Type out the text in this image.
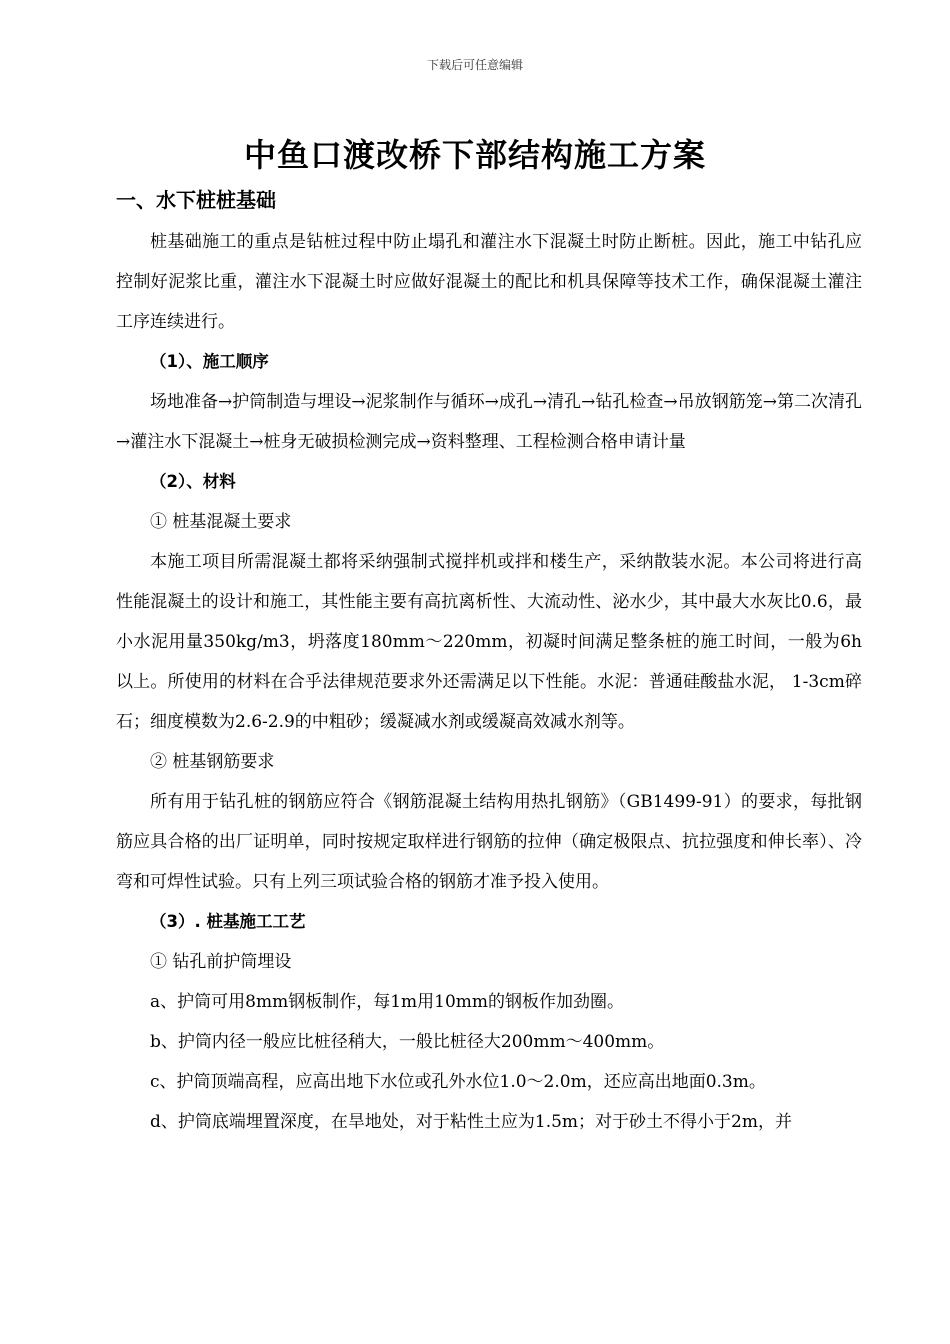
下载后可任意编辑
中鱼口渡改桥下部结构施工方案
一、水下桩桩基础

桩基础施工的重点是钻桩过程中防止塌孔和灌注水下混凝土时防止断桩。因此，施工中钻孔应控制好泥浆比重，灌注水下混凝土时应做好混凝土的配比和机具保障等技术工作，确保混凝土灌注工序连续进行。

（1）、施工顺序

场地准备→护筒制造与埋设→泥浆制作与循环→成孔→清孔→钻孔检查→吊放钢筋笼→第二次清孔→灌注水下混凝土→桩身无破损检测完成→资料整理、工程检测合格申请计量

（2）、材料

① 桩基混凝土要求

本施工项目所需混凝土都将采纳强制式搅拌机或拌和楼生产，采纳散装水泥。本公司将进行高性能混凝土的设计和施工，其性能主要有高抗离析性、大流动性、泌水少，其中最大水灰比0.6，最小水泥用量350kg/m3，坍落度180mm～220mm，初凝时间满足整条桩的施工时间，一般为6h以上。所使用的材料在合乎法律规范要求外还需满足以下性能。水泥：普通硅酸盐水泥， 1-3cm碎石；细度模数为2.6-2.9的中粗砂；缓凝减水剂或缓凝高效减水剂等。

② 桩基钢筋要求

所有用于钻孔桩的钢筋应符合《钢筋混凝土结构用热扎钢筋》（GB1499-91）的要求，每批钢筋应具合格的出厂证明单，同时按规定取样进行钢筋的拉伸（确定极限点、抗拉强度和伸长率）、冷弯和可焊性试验。只有上列三项试验合格的钢筋才准予投入使用。

（3）. 桩基施工工艺

① 钻孔前护筒埋设

a、护筒可用8mm钢板制作，每1m用10mm的钢板作加劲圈。

b、护筒内径一般应比桩径稍大，一般比桩径大200mm～400mm。

c、护筒顶端高程，应高出地下水位或孔外水位1.0～2.0m，还应高出地面0.3m。

d、护筒底端埋置深度，在旱地处，对于粘性土应为1.5m；对于砂土不得小于2m，并
